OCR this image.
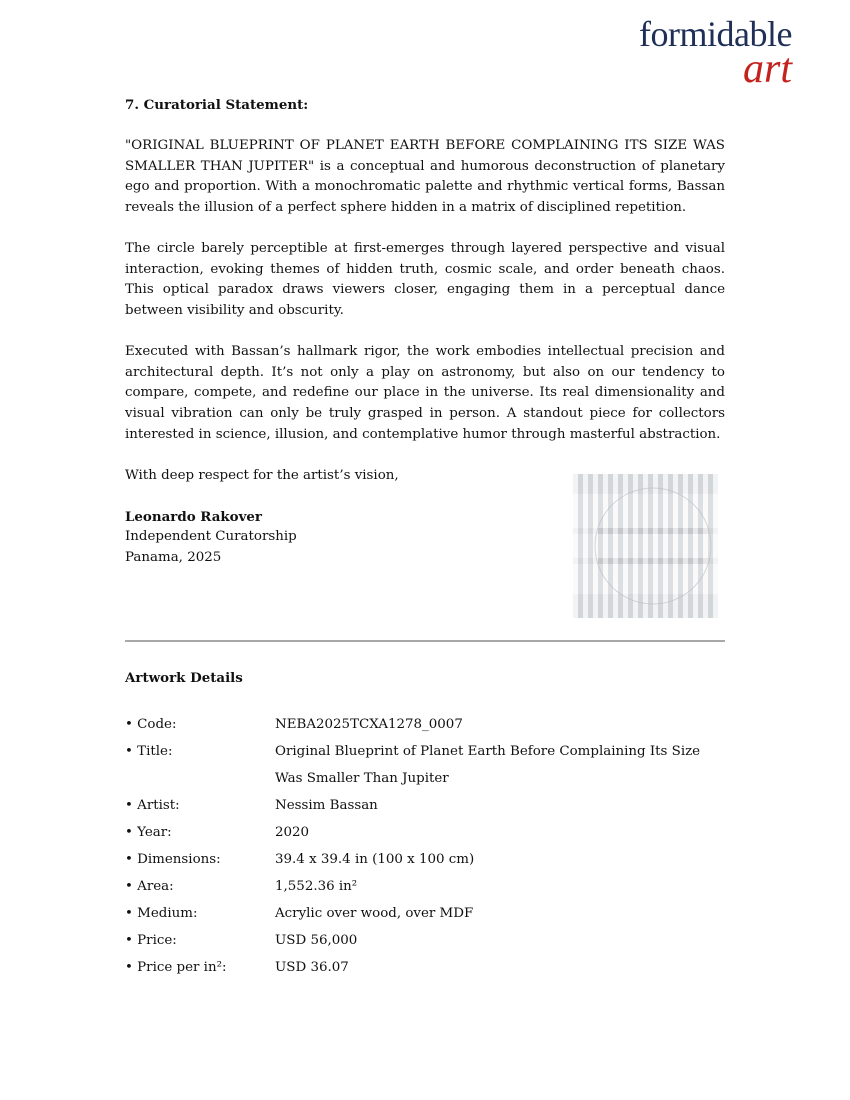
formidable
art
7. Curatorial Statement:

"ORIGINAL BLUEPRINT OF PLANET EARTH BEFORE COMPLAINING ITS SIZE WAS SMALLER THAN JUPITER" is a conceptual and humorous deconstruction of planetary ego and proportion. With a monochromatic palette and rhythmic vertical forms, Bassan reveals the illusion of a perfect sphere hidden in a matrix of disciplined repetition.

The circle barely perceptible at first-emerges through layered perspective and visual interaction, evoking themes of hidden truth, cosmic scale, and order beneath chaos. This optical paradox draws viewers closer, engaging them in a perceptual dance between visibility and obscurity.

Executed with Bassan’s hallmark rigor, the work embodies intellectual precision and architectural depth. It’s not only a play on astronomy, but also on our tendency to compare, compete, and redefine our place in the universe. Its real dimensionality and visual vibration can only be truly grasped in person. A standout piece for collectors interested in science, illusion, and contemplative humor through masterful abstraction.

With deep respect for the artist’s vision,
Leonardo Rakover
Independent Curatorship
Panama, 2025
Artwork Details
• Code:	NEBA2025TCXA1278_0007
• Title:	Original Blueprint of Planet Earth Before Complaining Its Size Was Smaller Than Jupiter
• Artist:	Nessim Bassan
• Year:	2020
• Dimensions:	39.4 x 39.4 in (100 x 100 cm)
• Area:	1,552.36 in²
• Medium:	Acrylic over wood, over MDF
• Price:	USD 56,000
• Price per in²:	USD 36.07
